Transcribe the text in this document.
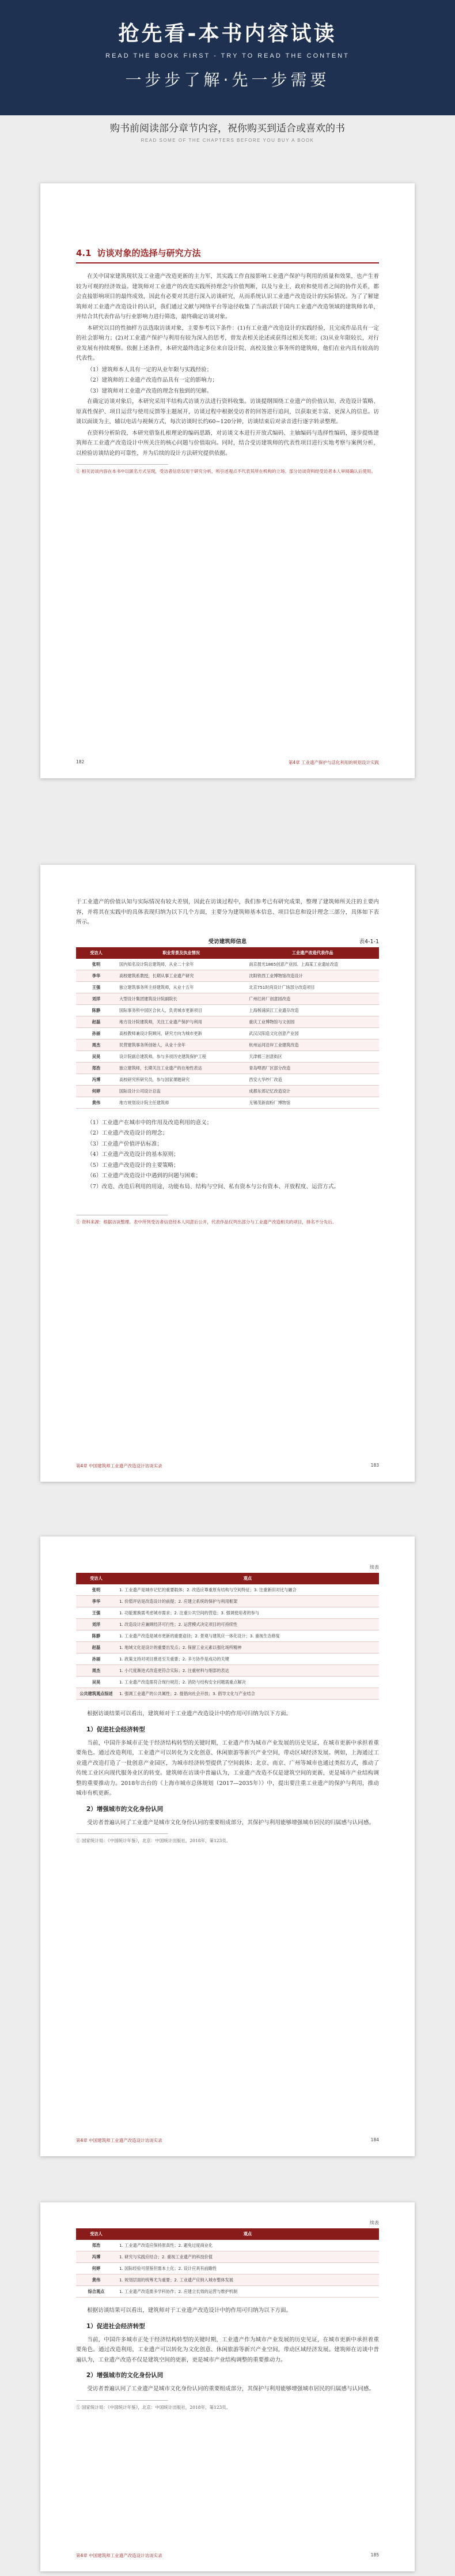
抢先看-本书内容试读
READ THE BOOK FIRST - TRY TO READ THE CONTENT
一步步了解·先一步需要
购书前阅读部分章节内容，祝你购买到适合或喜欢的书
READ SOME OF THE CHAPTERS BEFORE YOU BUY A BOOK
4.1 访谈对象的选择与研究方法

在关中国家建筑现状及工业遗产改造更新的主力军，其实践工作直接影响工业遗产保护与利用的质量和效果，也产生着较为可观的经济效益。建筑师对工业遗产的改造实践所持理念与价值判断，以及与业主、政府和使用者之间的协作关系，都会直接影响项目的最终成效，因此有必要对其进行深入访谈研究，从而系统认识工业遗产改造设计的实际情况。为了了解建筑师对工业遗产改造设计的认识，我们通过文献与网络平台等途径收集了当前活跃于国内工业遗产改造领域的建筑师名单，并结合其代表作品与行业影响力进行筛选，最终确定访谈对象。

本研究以目的性抽样方法选取访谈对象，主要参考以下条件：(1)有工业遗产改造设计的实践经验，且完成作品具有一定的社会影响力；(2)对工业遗产保护与利用有较为深入的思考，曾发表相关论述或获得过相关奖项；(3)从业年限较长，对行业发展有持续观察。依据上述条件，本研究最终选定多位来自设计院、高校及独立事务所的建筑师，他们在业内具有较高的代表性。

（1）建筑师本人具有一定的从业年限与实践经验；

（2）建筑师的工业遗产改造作品具有一定的影响力；

（3）建筑师对工业遗产改造的理念有独到的见解。

在确定访谈对象后，本研究采用半结构式访谈方法进行资料收集。访谈提纲围绕工业遗产的价值认知、改造设计策略、原真性保护、项目运营与使用反馈等主题展开，访谈过程中根据受访者的回答进行追问，以获取更丰富、更深入的信息。访谈以面谈为主，辅以电话与视频方式，每次访谈时长约60~120分钟，访谈结束后对录音进行逐字转录整理。

在资料分析阶段，本研究借鉴扎根理论的编码思路，对访谈文本进行开放式编码、主轴编码与选择性编码，逐步提炼建筑师在工业遗产改造设计中所关注的核心问题与价值取向。同时，结合受访建筑师的代表性项目进行实地考察与案例分析，以检验访谈结论的可靠性，并为后续的设计方法研究提供依据。

① 相关访谈内容在本书中以匿名方式呈现，受访者信息仅用于研究分析，所引述观点不代表其所在机构的立场。部分访谈资料经受访者本人审阅确认后使用。
182	第4章 工业遗产保护与活化利用的规划设计实践

于工业遗产的价值认知与实际情况有较大差别，因此在访谈过程中，我们参考已有研究成果，整理了建筑师所关注的主要内容，并将其在实践中的具体表现归纳为以下几个方面，主要分为建筑师基本信息、项目信息和设计理念三部分，具体如下表所示。

受访建筑师信息	表4-1-1
受访人	职业背景及执业情况	工业遗产改造代表作品
张明	国内知名设计院总建筑师，从业二十余年	南京晨光1865创意产业园、上海某工业遗址改造
李华	高校建筑系教授，长期从事工业遗产研究	沈阳铁西工业博物馆改造设计
王强	独立建筑事务所主持建筑师，从业十五年	北京751时尚设计广场部分改造项目
刘洋	大型设计集团建筑设计院副院长	广州红砖厂创意园改造
陈静	国际事务所中国区合伙人，负责城市更新项目	上海杨浦滨江工业遗存改造
赵磊	地方设计院建筑师，关注工业遗产保护与利用	重庆工业博物馆与文创园
孙丽	高校教师兼设计院顾问，研究方向为城市更新	武汉汉阳造文化创意产业园
周杰	民营建筑事务所创始人，从业十余年	杭州运河沿岸工业建筑改造
吴昊	设计院副总建筑师，参与多项历史建筑保护工程	天津棉三创意街区
郑浩	独立建筑师，长期关注工业遗产的在地性表达	青岛啤酒厂区部分改造
冯博	高校研究所研究员，参与国家课题研究	西安大华纱厂改造
何婷	国际设计公司设计总监	成都东郊记忆改造设计
黄伟	地方规划设计院主任建筑师	无锡茂新面粉厂博物馆

（1）工业遗产在城市中的作用及改造利用的意义；

（2）工业遗产改造设计的理念；

（3）工业遗产价值评估标准；

（4）工业遗产改造设计的基本原则；

（5）工业遗产改造设计的主要策略；

（6）工业遗产改造设计中遇到的问题与困难；

（7）改造、改造后利用的用途，功能布局、结构与空间、私有资本与公有资本、开放程度、运营方式。

① 资料来源：根据访谈整理。表中所列受访者信息经本人同意后公开，代表作品仅列出部分与工业遗产改造相关的项目，排名不分先后。
第4章 中国建筑师工业遗产改造设计访谈实录	183
续表
受访人	观点
张明	1. 工业遗产是城市记忆的重要载体；2. 改造应尊重原有结构与空间特征；3. 注重新旧对比与融合
李华	1. 价值评估是改造设计的前提；2. 应建立系统的保护与利用框架
王强	1. 功能置换需考虑城市需求；2. 注重公共空间的营造；3. 强调使用者的参与
刘洋	1. 改造设计应兼顾经济可行性；2. 运营模式决定项目的可持续性
陈静	1. 工业遗产改造是城市更新的重要途径；2. 景观与建筑应一体化设计；3. 重视生态修复
赵磊	1. 地域文化是设计的重要出发点；2. 保留工业元素以强化场所精神
孙丽	1. 政策支持对项目推进至关重要；2. 多方协作是成功的关键
周杰	1. 小尺度渐进式改造更符合实际；2. 注重材料与细部的表达
吴昊	1. 工业遗产改造需符合现行规范；2. 消防与结构安全问题需重点解决
公共建筑观点综述	1. 强调工业遗产的公共属性；2. 提倡向社会开放；3. 倡导文化与产业结合

根据访谈结果可以看出，建筑师对于工业遗产改造设计中的作用可归纳为以下方面。

1）促进社会经济转型

当前，中国许多城市正处于经济结构转型的关键时期，工业遗产作为城市产业发展的历史见证，在城市更新中承担着重要角色。通过改造利用，工业遗产可以转化为文化创意、休闲旅游等新兴产业空间，带动区域经济发展。例如，上海通过工业遗产改造打造了一批创意产业园区，为城市经济转型提供了空间载体；北京、南京、广州等城市也通过类似方式，推动了传统工业区向现代服务业区的转变。建筑师在访谈中普遍认为，工业遗产改造不仅是建筑空间的更新，更是城市产业结构调整的重要推动力。2018年出台的《上海市城市总体规划（2017—2035年）》中，提出要注重工业遗产的保护与利用，推动城市有机更新。

2）增强城市的文化身份认同

受访者普遍认同了工业遗产是城市文化身份认同的重要组成部分，其保护与利用能够增强城市居民的归属感与认同感。

① 国家统计局：《中国统计年鉴》，北京：中国统计出版社，2018年，第123页。
第4章 中国建筑师工业遗产改造设计访谈实录	184
续表
受访人	观点
郑浩	1. 工业遗产改造应保持原真性；2. 避免过度商业化
冯博	1. 研究与实践应结合；2. 重视工业遗产的科技价值
何婷	1. 国际经验可借鉴但需本土化；2. 设计应具有前瞻性
黄伟	1. 规划层面的统筹尤为重要；2. 工业遗产应纳入城市整体发展
综合观点	1. 工业遗产改造需多学科协作；2. 应建立长效的运营与维护机制

根据访谈结果可以看出，建筑师对于工业遗产改造设计中的作用可归纳为以下方面。

1）促进社会经济转型

当前，中国许多城市正处于经济结构转型的关键时期，工业遗产作为城市产业发展的历史见证，在城市更新中承担着重要角色。通过改造利用，工业遗产可以转化为文化创意、休闲旅游等新兴产业空间，带动区域经济发展。建筑师在访谈中普遍认为，工业遗产改造不仅是建筑空间的更新，更是城市产业结构调整的重要推动力。

2）增强城市的文化身份认同

受访者普遍认同了工业遗产是城市文化身份认同的重要组成部分，其保护与利用能够增强城市居民的归属感与认同感。

① 国家统计局：《中国统计年鉴》，北京：中国统计出版社，2018年，第123页。
第4章 中国建筑师工业遗产改造设计访谈实录	185
